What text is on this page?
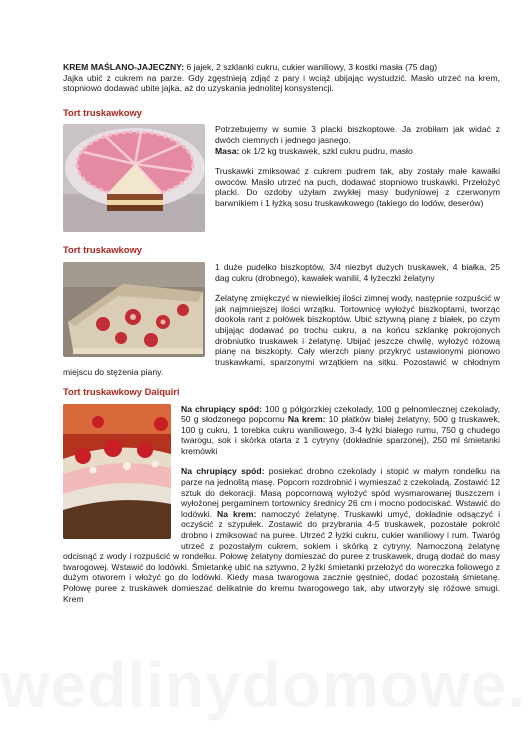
KREM MAŚLANO-JAJECZNY: 6 jajek, 2 szklanki cukru, cukier waniliowy, 3 kostki masła (75 dag)
Jajka ubić z cukrem na parze. Gdy zgęstnieją zdjąć z pary i wciąż ubijając wystudzić. Masło utrzeć na krem, stopniowo dodawać ubite jajka, aż do uzyskania jednolitej konsystencji.

Tort truskawkowy

Potrzebujemy w sumie 3 placki biszkoptowe. Ja zrobiłam jak widać z dwóch ciemnych i jednego jasnego.

Masa: ok 1/2 kg truskawek, szkl cukru pudru, masło

Truskawki zmiksować z cukrem pudrem tak, aby zostały małe kawałki owoców. Masło utrzeć na puch, dodawać stopniowo truskawki. Przełożyć placki. Do ozdoby użyłam zwykłej masy budyniowej z czerwonym barwnikiem i 1 łyżką sosu truskawkowego (takiego do lodów, deserów)

Tort truskawkowy

1 duże pudełko biszkoptów, 3/4 niezbyt dużych truskawek, 4 białka, 25 dag cukru (drobnego), kawałek wanilii, 4 łyżeczki żelatyny

Żelatynę zmiękczyć w niewielkiej ilości zimnej wody, następnie rozpuścić w jak najmniejszej ilości wrzątku. Tortownicę wyłożyć biszkoptami, tworząc dookoła rant z połówek biszkoptów. Ubić sztywną pianę z białek, po czym ubijając dodawać po trochu cukru, a na końcu szklankę pokrojonych drobniutko truskawek i żelatynę. Ubijać jeszcze chwilę, wyłożyć różową pianę na biszkopty. Cały wierzch piany przykryć ustawionymi pionowo truskawkami, sparzonymi wrzątkiem na sitku. Pozostawić w chłodnym miejscu do stężenia piany.

Tort truskawkowy Daiquiri

Na chrupiący spód: 100 g półgorzkiej czekolady, 100 g pełnomlecznej czekolady, 50 g słodzonego popcornu Na krem: 10 płatków białej żelatyny, 500 g truskawek, 100 g cukru, 1 torebka cukru waniliowego, 3-4 łyżki białego rumu, 750 g chudego twarogu, sok i skórka otarta z 1 cytryny (dokładnie sparzonej), 250 ml śmietanki kremówki

Na chrupiący spód: posiekać drobno czekolady i stopić w małym rondelku na parze na jednolitą masę. Popcorn rozdrobnić i wymieszać z czekoladą. Zostawić 12 sztuk do dekoracji. Masą popcornową wyłożyć spód wysmarowanej tłuszczem i wyłożonej pergaminem tortownicy średnicy 26 cm i mocno podociskać. Wstawić do lodówki. Na krem: namoczyć żelatynę. Truskawki umyć, dokładnie odsączyć i oczyścić z szypułek. Zostawić do przybrania 4-5 truskawek, pozostałe pokroić drobno i zmiksować na puree. Utrzeć 2 łyżki cukru, cukier waniliowy i rum. Twaróg utrzeć z pozostałym cukrem, sokiem i skórką z cytryny. Namoczoną żelatynę odcisnąć z wody i rozpuścić w rondelku. Połowę żelatyny domieszać do puree z truskawek, drugą dodać do masy twarogowej. Wstawić do lodówki. Śmietankę ubić na sztywno, 2 łyżki śmietanki przełożyć do woreczka foliowego z dużym otworem i włożyć go do lodówki. Kiedy masa twarogowa zacznie gęstnieć, dodać pozostałą śmietanę. Połowę puree z truskawek domieszać delikatnie do kremu twarogowego tak, aby utworzyły się różowe smugi. Krem
